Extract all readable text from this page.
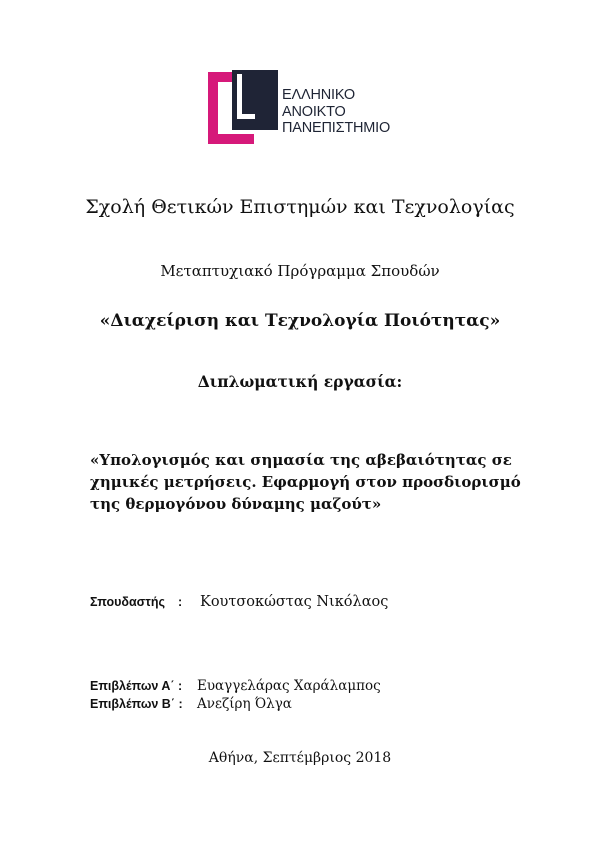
ΕΛΛΗΝΙΚΟ
ΑΝΟΙΚΤΟ
ΠΑΝΕΠΙΣΤΗΜΙΟ
Σχολή Θετικών Επιστημών και Τεχνολογίας
Μεταπτυχιακό Πρόγραμμα Σπουδών
«Διαχείριση και Τεχνολογία Ποιότητας»
Διπλωματική εργασία:
«Υπολογισμός και σημασία της αβεβαιότητας σε
χημικές μετρήσεις. Εφαρμογή στον προσδιορισμό
της θερμογόνου δύναμης μαζούτ»
Σπουδαστής : Κουτσοκώστας Νικόλαος
Επιβλέπων Α΄ : Ευαγγελάρας Χαράλαμπος
Επιβλέπων Β΄ : Ανεζίρη Όλγα
Αθήνα, Σεπτέμβριος 2018
